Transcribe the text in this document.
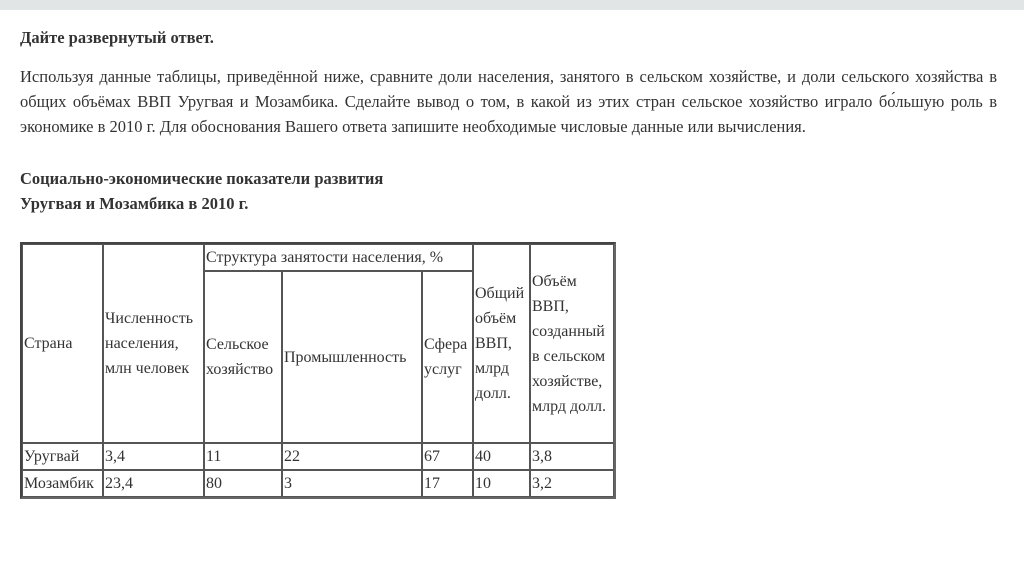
Дайте развернутый ответ.

Используя данные таблицы, приведённой ниже, сравните доли населения, занятого в сельском хозяйстве, и доли сельского хозяйства в общих объёмах ВВП Уругвая и Мозамбика. Сделайте вывод о том, в какой из этих стран сельское хозяйство играло бо́льшую роль в экономике в 2010 г. Для обоснования Вашего ответа запишите необходимые числовые данные или вычисления.

Социально-экономические показатели развития
Уругвая и Мозамбика в 2010 г.

Страна	Численность населения, млн человек	Структура занятости населения, %			Общий объём ВВП, млрд долл.	Объём ВВП, созданный в сельском хозяйстве, млрд долл.
		Сельское хозяйство	Промышленность	Сфера услуг		
Уругвай	3,4	11	22	67	40	3,8
Мозамбик	23,4	80	3	17	10	3,2
